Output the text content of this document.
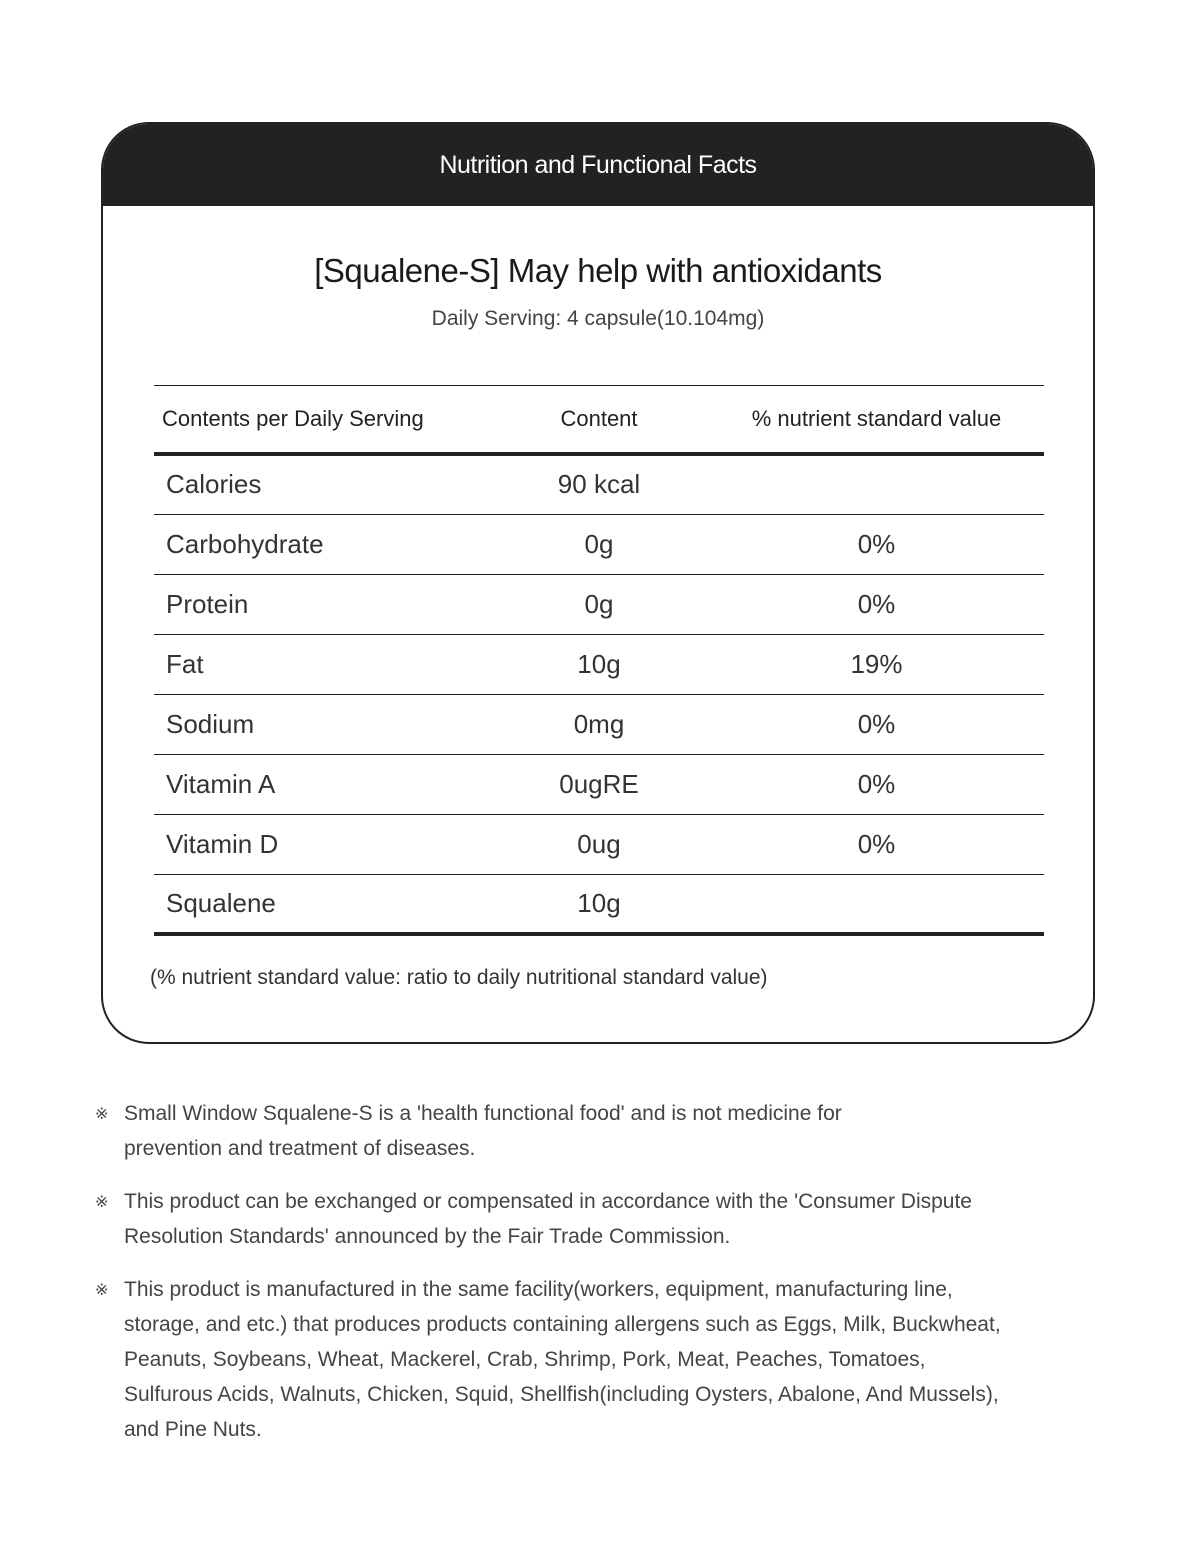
Nutrition and Functional Facts
[Squalene-S] May help with antioxidants
Daily Serving: 4 capsule(10.104mg)
Contents per Daily Serving	Content	% nutrient standard value
Calories	90 kcal	
Carbohydrate	0g	0%
Protein	0g	0%
Fat	10g	19%
Sodium	0mg	0%
Vitamin A	0ugRE	0%
Vitamin D	0ug	0%
Squalene	10g	
(% nutrient standard value: ratio to daily nutritional standard value)
※ Small Window Squalene-S is a 'health functional food' and is not medicine for
prevention and treatment of diseases.
※ This product can be exchanged or compensated in accordance with the 'Consumer Dispute
Resolution Standards' announced by the Fair Trade Commission.
※ This product is manufactured in the same facility(workers, equipment, manufacturing line,
storage, and etc.) that produces products containing allergens such as Eggs, Milk, Buckwheat,
Peanuts, Soybeans, Wheat, Mackerel, Crab, Shrimp, Pork, Meat, Peaches, Tomatoes,
Sulfurous Acids, Walnuts, Chicken, Squid, Shellfish(including Oysters, Abalone, And Mussels),
and Pine Nuts.
